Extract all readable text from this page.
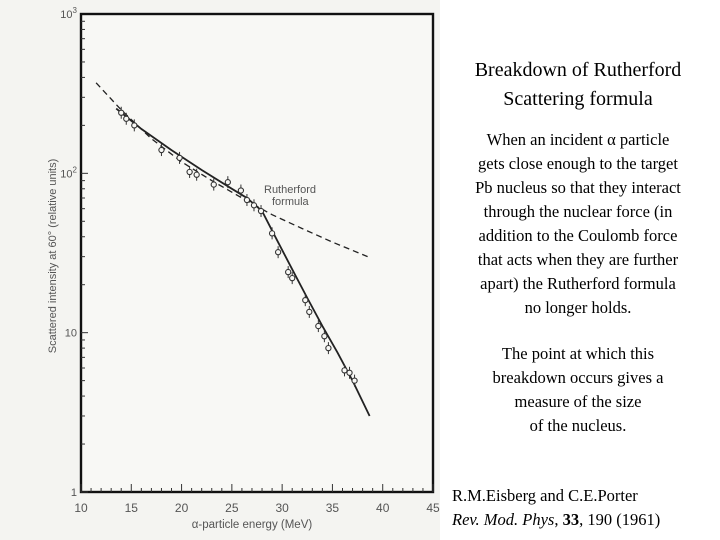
1
10
$10^2$
$10^3$
10	15	20	25	30	35	40	45
Rutherford
formula
α-particle energy (MeV)
Scattered intensity at 60° (relative units)
Breakdown of Rutherford
Scattering formula
When an incident α particle
gets close enough to the target
Pb nucleus so that they interact
through the nuclear force (in
addition to the Coulomb force
that acts when they are further
apart) the Rutherford formula
no longer holds.
The point at which this
breakdown occurs gives a
measure of the size
of the nucleus.
R.M.Eisberg and C.E.Porter
Rev. Mod. Phys, 33, 190 (1961)
